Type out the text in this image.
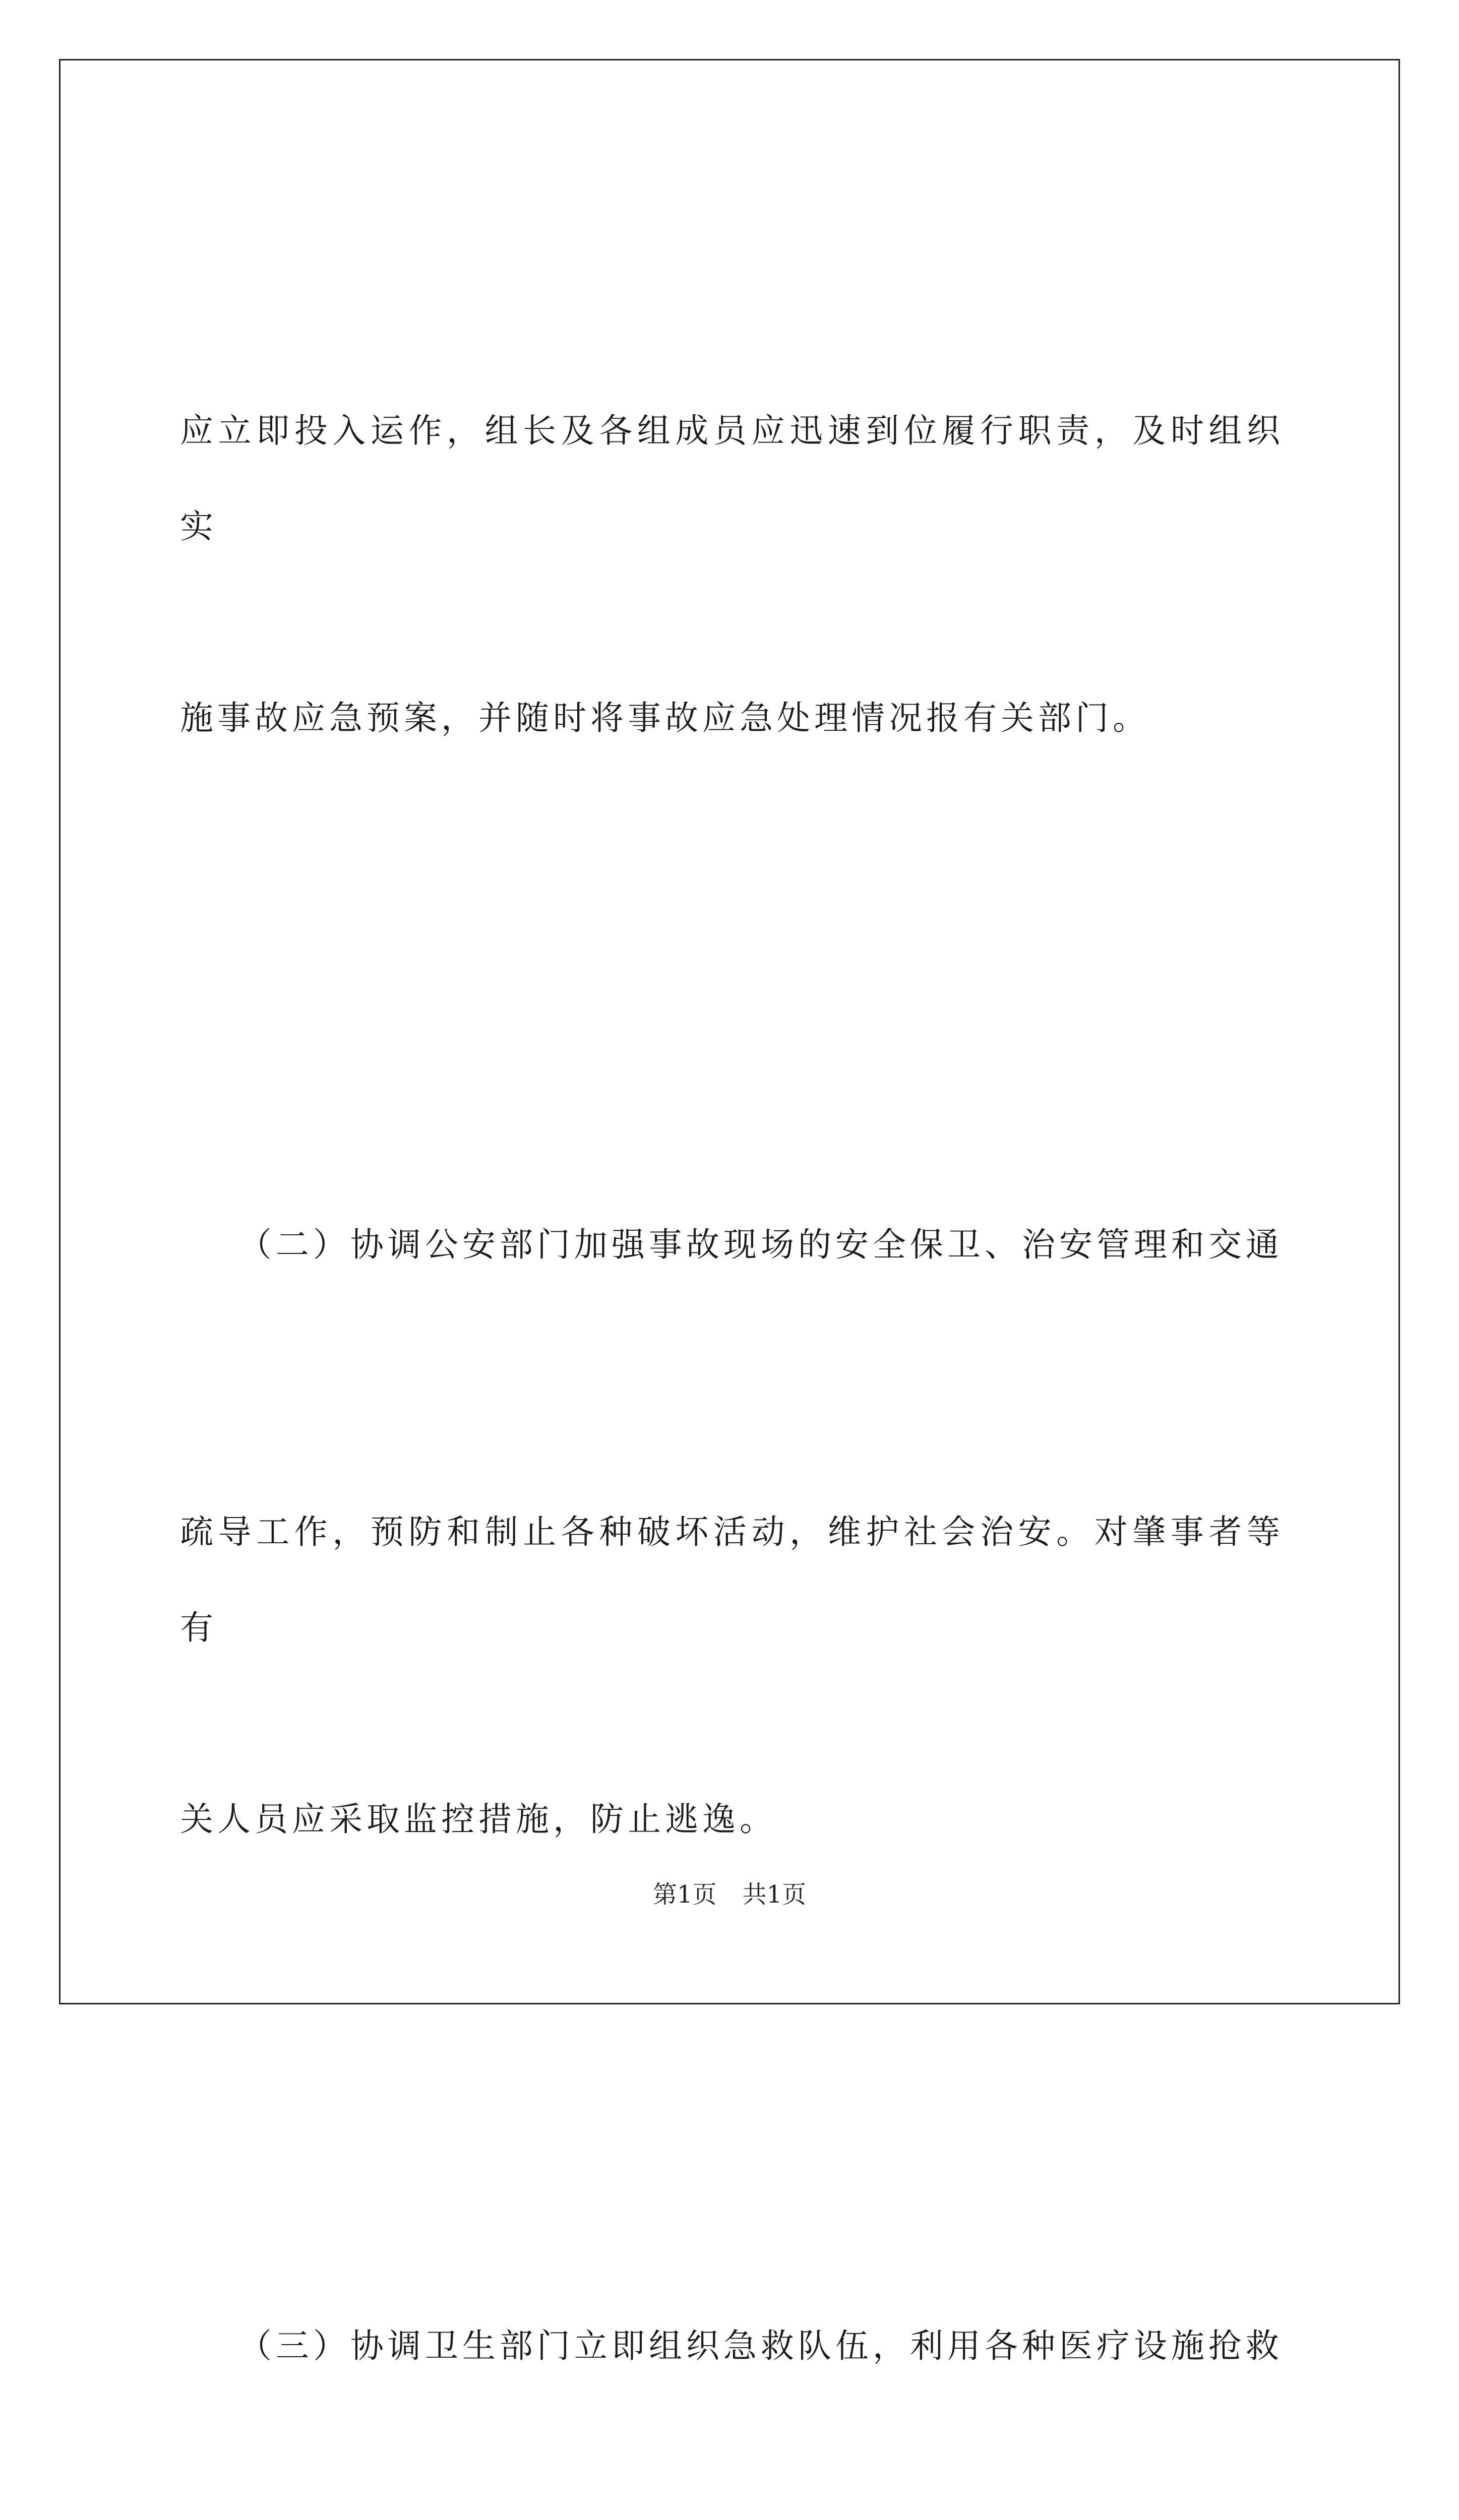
应立即投入运作，组长及各组成员应迅速到位履行职责，及时组织实

施事故应急预案，并随时将事故应急处理情况报有关部门。

（二）协调公安部门加强事故现场的安全保卫、治安管理和交通

疏导工作，预防和制止各种破坏活动，维护社会治安。对肇事者等有

关人员应采取监控措施，防止逃逸。

（三）协调卫生部门立即组织急救队伍，利用各种医疗设施抢救

第1页 共1页
